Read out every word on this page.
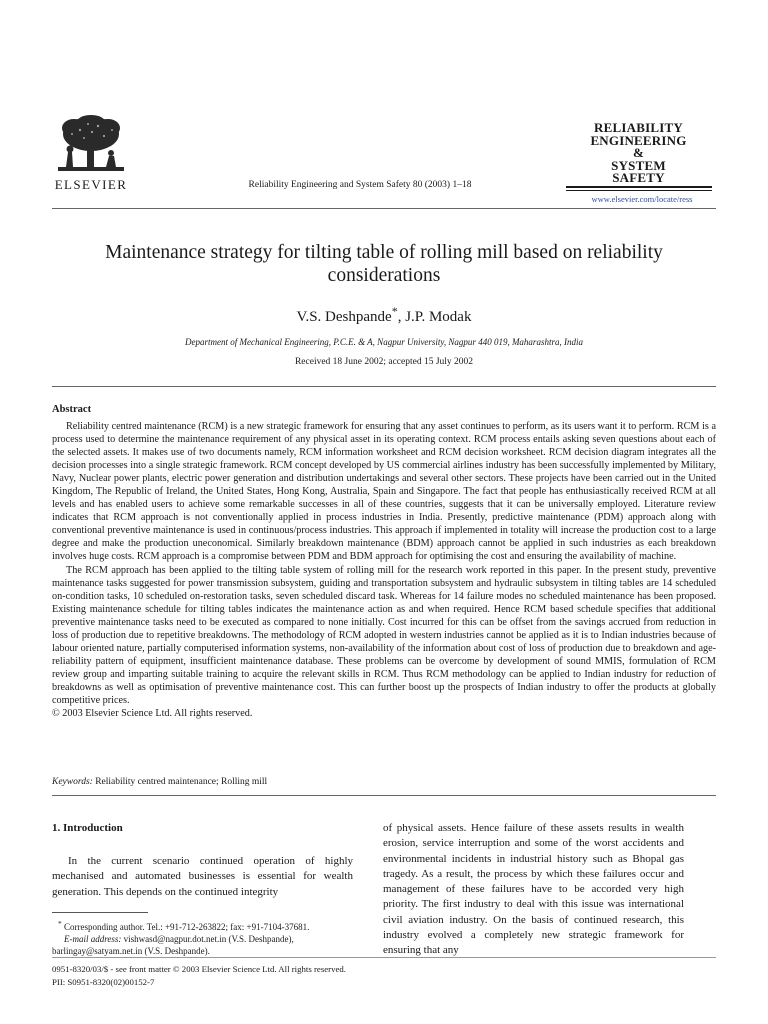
ELSEVIER	Reliability Engineering and System Safety 80 (2003) 1–18
RELIABILITY
ENGINEERING
&
SYSTEM
SAFETY
www.elsevier.com/locate/ress
Maintenance strategy for tilting table of rolling mill based on reliability considerations
V.S. Deshpande*, J.P. Modak
Department of Mechanical Engineering, P.C.E. & A, Nagpur University, Nagpur 440 019, Maharashtra, India
Received 18 June 2002; accepted 15 July 2002
Abstract

Reliability centred maintenance (RCM) is a new strategic framework for ensuring that any asset continues to perform, as its users want it to perform. RCM is a process used to determine the maintenance requirement of any physical asset in its operating context. RCM process entails asking seven questions about each of the selected assets. It makes use of two documents namely, RCM information worksheet and RCM decision worksheet. RCM decision diagram integrates all the decision processes into a single strategic framework. RCM concept developed by US commercial airlines industry has been successfully implemented by Military, Navy, Nuclear power plants, electric power generation and distribution undertakings and several other sectors. These projects have been carried out in the United Kingdom, The Republic of Ireland, the United States, Hong Kong, Australia, Spain and Singapore. The fact that people has enthusiastically received RCM at all levels and has enabled users to achieve some remarkable successes in all of these countries, suggests that it can be universally employed. Literature review indicates that RCM approach is not conventionally applied in process industries in India. Presently, predictive maintenance (PDM) approach along with conventional preventive maintenance is used in continuous/process industries. This approach if implemented in totality will increase the production cost to a large degree and make the production uneconomical. Similarly breakdown maintenance (BDM) approach cannot be applied in such industries as each breakdown involves huge costs. RCM approach is a compromise between PDM and BDM approach for optimising the cost and ensuring the availability of machine.

The RCM approach has been applied to the tilting table system of rolling mill for the research work reported in this paper. In the present study, preventive maintenance tasks suggested for power transmission subsystem, guiding and transportation subsystem and hydraulic subsystem in tilting tables are 14 scheduled on-condition tasks, 10 scheduled on-restoration tasks, seven scheduled discard task. Whereas for 14 failure modes no scheduled maintenance has been proposed. Existing maintenance schedule for tilting tables indicates the maintenance action as and when required. Hence RCM based schedule specifies that additional preventive maintenance tasks need to be executed as compared to none initially. Cost incurred for this can be offset from the savings accrued from reduction in loss of production due to repetitive breakdowns. The methodology of RCM adopted in western industries cannot be applied as it is to Indian industries because of labour oriented nature, partially computerised information systems, non-availability of the information about cost of loss of production due to breakdown and age-reliability pattern of equipment, insufficient maintenance database. These problems can be overcome by development of sound MMIS, formulation of RCM review group and imparting suitable training to acquire the relevant skills in RCM. Thus RCM methodology can be applied to Indian industry for reduction of breakdowns as well as optimisation of preventive maintenance cost. This can further boost up the prospects of Indian industry to offer the products at globally competitive prices.

© 2003 Elsevier Science Ltd. All rights reserved.

Keywords: Reliability centred maintenance; Rolling mill
1. Introduction

In the current scenario continued operation of highly mechanised and automated businesses is essential for wealth generation. This depends on the continued integrity

of physical assets. Hence failure of these assets results in wealth erosion, service interruption and some of the worst accidents and environmental incidents in industrial history such as Bhopal gas tragedy. As a result, the process by which these failures occur and management of these failures have to be accorded very high priority. The first industry to deal with this issue was international civil aviation industry. On the basis of continued research, this industry evolved a completely new strategic framework for ensuring that any

* Corresponding author. Tel.: +91-712-263822; fax: +91-7104-37681.
E-mail address: vishwasd@nagpur.dot.net.in (V.S. Deshpande), barlingay@satyam.net.in (V.S. Deshpande).
0951-8320/03/$ - see front matter © 2003 Elsevier Science Ltd. All rights reserved.
PII: S0951-8320(02)00152-7
